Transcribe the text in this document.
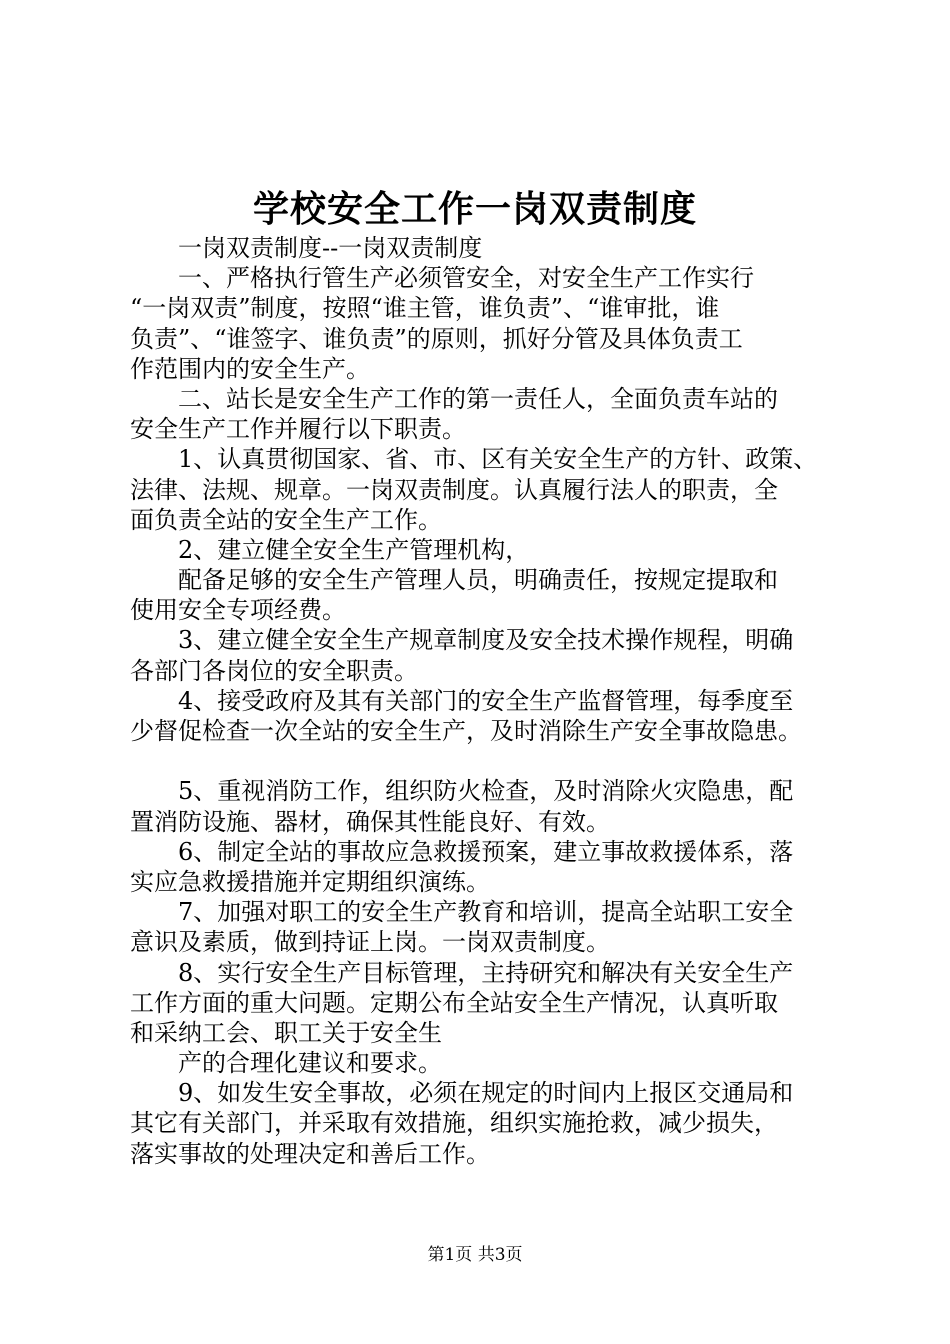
学校安全工作一岗双责制度
　　一岗双责制度--一岗双责制度
　　一、严格执行管生产必须管安全，对安全生产工作实行
“一岗双责”制度，按照“谁主管，谁负责”、“谁审批，谁
负责”、“谁签字、谁负责”的原则，抓好分管及具体负责工
作范围内的安全生产。
　　二、站长是安全生产工作的第一责任人，全面负责车站的
安全生产工作并履行以下职责。
　　1、认真贯彻国家、省、市、区有关安全生产的方针、政策、
法律、法规、规章。一岗双责制度。认真履行法人的职责，全
面负责全站的安全生产工作。
　　2、建立健全安全生产管理机构，
　　配备足够的安全生产管理人员，明确责任，按规定提取和
使用安全专项经费。
　　3、建立健全安全生产规章制度及安全技术操作规程，明确
各部门各岗位的安全职责。
　　4、接受政府及其有关部门的安全生产监督管理，每季度至
少督促检查一次全站的安全生产，及时消除生产安全事故隐患。
　　5、重视消防工作，组织防火检查，及时消除火灾隐患，配
置消防设施、器材，确保其性能良好、有效。
　　6、制定全站的事故应急救援预案，建立事故救援体系，落
实应急救援措施并定期组织演练。
　　7、加强对职工的安全生产教育和培训，提高全站职工安全
意识及素质，做到持证上岗。一岗双责制度。
　　8、实行安全生产目标管理，主持研究和解决有关安全生产
工作方面的重大问题。定期公布全站安全生产情况，认真听取
和采纳工会、职工关于安全生
　　产的合理化建议和要求。
　　9、如发生安全事故，必须在规定的时间内上报区交通局和
其它有关部门，并采取有效措施，组织实施抢救，减少损失，
落实事故的处理决定和善后工作。
第1页 共3页
